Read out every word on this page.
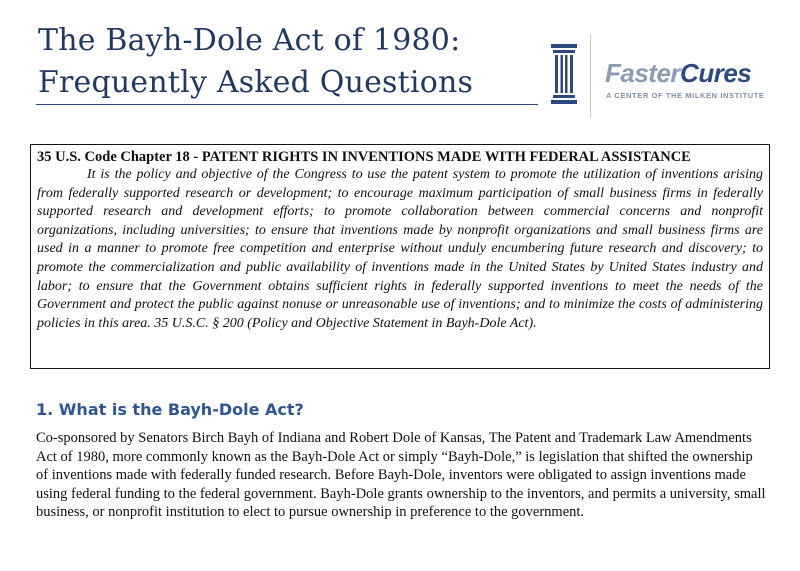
The Bayh-Dole Act of 1980:
Frequently Asked Questions	FasterCures
A CENTER OF THE MILKEN INSTITUTE
35 U.S. Code Chapter 18 - PATENT RIGHTS IN INVENTIONS MADE WITH FEDERAL ASSISTANCE

It is the policy and objective of the Congress to use the patent system to promote the utilization of inventions arising from federally supported research or development; to encourage maximum participation of small business firms in federally supported research and development efforts; to promote collaboration between commercial concerns and nonprofit organizations, including universities; to ensure that inventions made by nonprofit organizations and small business firms are used in a manner to promote free competition and enterprise without unduly encumbering future research and discovery; to promote the commercialization and public availability of inventions made in the United States by United States industry and labor; to ensure that the Government obtains sufficient rights in federally supported inventions to meet the needs of the Government and protect the public against nonuse or unreasonable use of inventions; and to minimize the costs of administering policies in this area. 35 U.S.C. § 200 (Policy and Objective Statement in Bayh-Dole Act).

1. What is the Bayh-Dole Act?

Co-sponsored by Senators Birch Bayh of Indiana and Robert Dole of Kansas, The Patent and Trademark Law Amendments Act of 1980, more commonly known as the Bayh-Dole Act or simply “Bayh-Dole,” is legislation that shifted the ownership of inventions made with federally funded research. Before Bayh-Dole, inventors were obligated to assign inventions made using federal funding to the federal government. Bayh-Dole grants ownership to the inventors, and permits a university, small business, or nonprofit institution to elect to pursue ownership in preference to the government.
